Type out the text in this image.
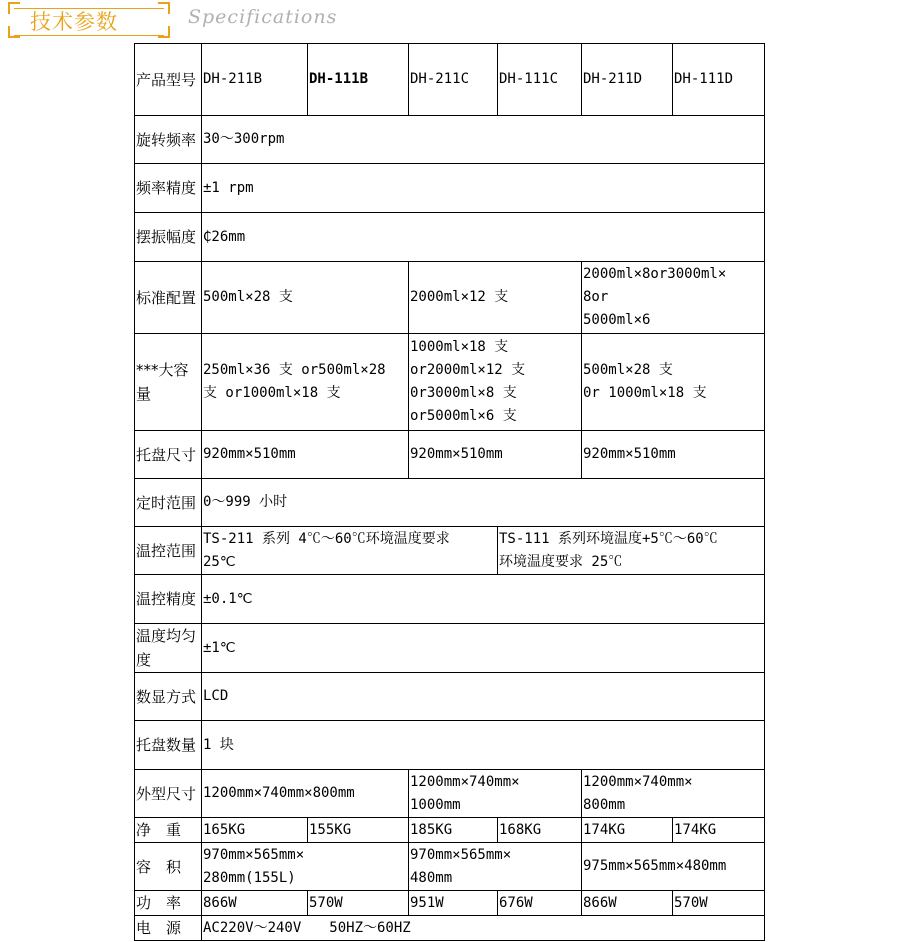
技术参数	Specifications
产品型号	DH-211B	DH-111B	DH-211C	DH-111C	DH-211D	DH-111D
旋转频率	30～300rpm					
频率精度	±1 rpm					
摆振幅度	₵26mm					
标准配置	500ml×28 支		2000ml×12 支		2000ml×8or3000ml×
8or
5000ml×6	

***大容量	250ml×36 支 or500ml×28
支 or1000ml×18 支		1000ml×18 支
or2000ml×12 支
0r3000ml×8 支
or5000ml×6 支		500ml×28 支
0r 1000ml×18 支	

托盘尺寸	920mm×510mm		920mm×510mm		920mm×510mm	
定时范围	0～999 小时					
温控范围	TS-211 系列 4℃～60℃环境温度要求
25℃			TS-111 系列环境温度+5℃～60℃
环境温度要求 25℃		

温控精度	±0.1℃					
温度均匀度	±1℃					
数显方式	LCD					
托盘数量	1 块					
外型尺寸	1200mm×740mm×800mm		1200mm×740mm×
1000mm		1200mm×740mm×
800mm	

净　重	165KG	155KG	185KG	168KG	174KG	174KG
容　积	970mm×565mm×
280mm(155L)		970mm×565mm×
480mm		975mm×565mm×480mm	
功　率	866W	570W	951W	676W	866W	570W
电　源	AC220V～240V　　50HZ～60HZ					
